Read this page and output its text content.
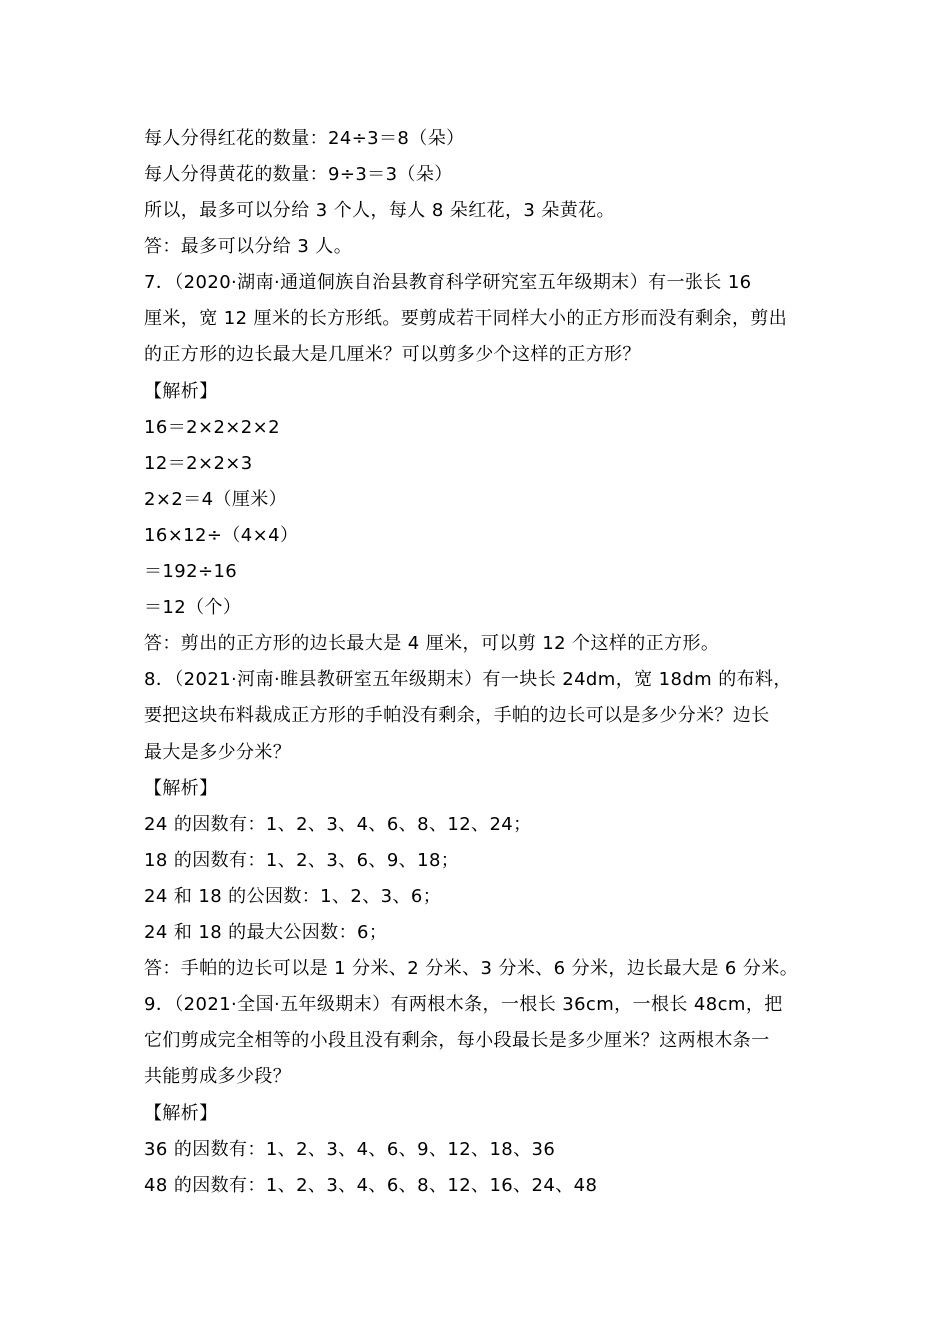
每人分得红花的数量：24÷3＝8（朵）
每人分得黄花的数量：9÷3＝3（朵）
所以，最多可以分给 3 个人，每人 8 朵红花，3 朵黄花。
答：最多可以分给 3 人。
7．（2020·湖南·通道侗族自治县教育科学研究室五年级期末）有一张长 16
厘米，宽 12 厘米的长方形纸。要剪成若干同样大小的正方形而没有剩余，剪出
的正方形的边长最大是几厘米？可以剪多少个这样的正方形？
【解析】
16＝2×2×2×2
12＝2×2×3
2×2＝4（厘米）
16×12÷（4×4）
＝192÷16
＝12（个）
答：剪出的正方形的边长最大是 4 厘米，可以剪 12 个这样的正方形。
8．（2021·河南·睢县教研室五年级期末）有一块长 24dm，宽 18dm 的布料，
要把这块布料裁成正方形的手帕没有剩余，手帕的边长可以是多少分米？边长
最大是多少分米？
【解析】
24 的因数有：1、2、3、4、6、8、12、24；
18 的因数有：1、2、3、6、9、18；
24 和 18 的公因数：1、2、3、6；
24 和 18 的最大公因数：6；
答：手帕的边长可以是 1 分米、2 分米、3 分米、6 分米，边长最大是 6 分米。
9．（2021·全国·五年级期末）有两根木条，一根长 36cm，一根长 48cm，把
它们剪成完全相等的小段且没有剩余，每小段最长是多少厘米？这两根木条一
共能剪成多少段？
【解析】
36 的因数有：1、2、3、4、6、9、12、18、36
48 的因数有：1、2、3、4、6、8、12、16、24、48
